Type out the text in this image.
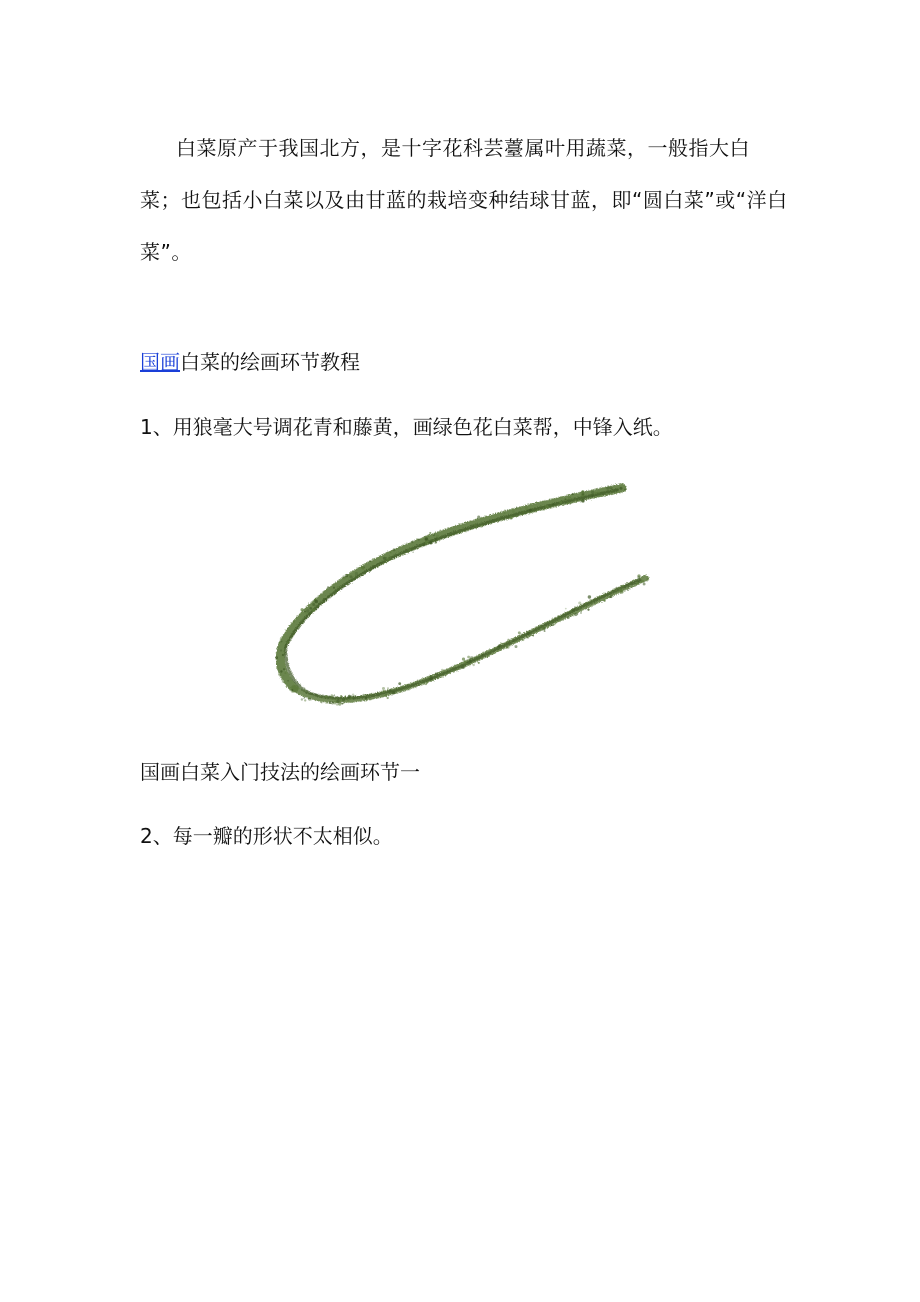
白菜原产于我国北方，是十字花科芸薹属叶用蔬菜，一般指大白菜；也包括小白菜以及由甘蓝的栽培变种结球甘蓝，即“圆白菜”或“洋白菜”。

国画白菜的绘画环节教程

1、用狼毫大号调花青和藤黄，画绿色花白菜帮，中锋入纸。

国画白菜入门技法的绘画环节一

2、每一瓣的形状不太相似。
